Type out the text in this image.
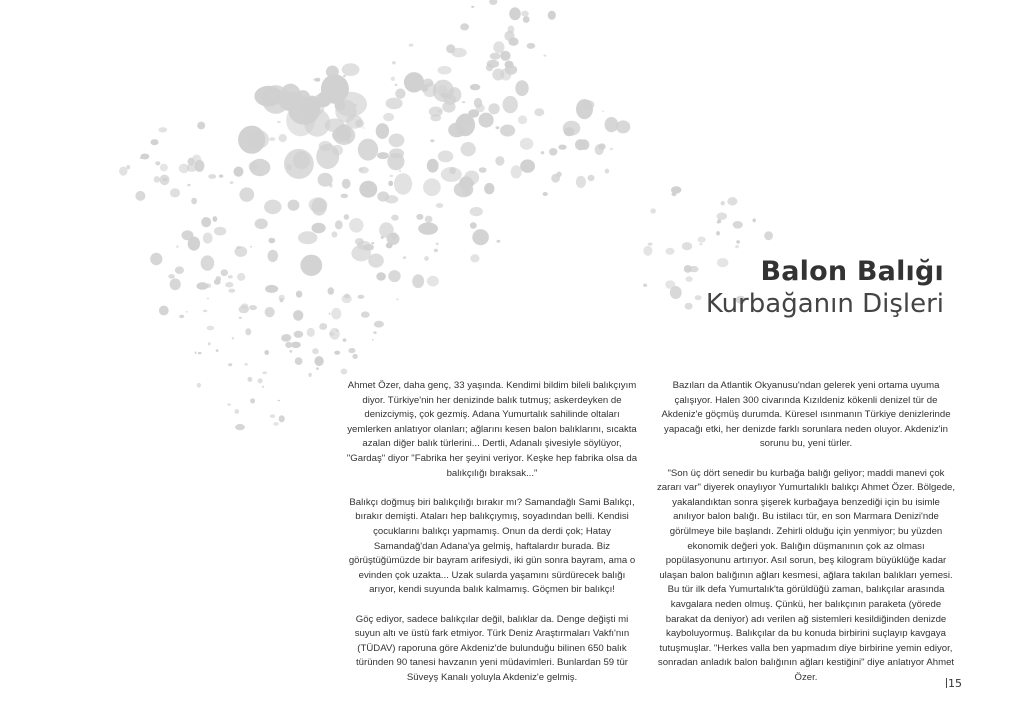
Balon Balığı
Kurbağanın Dişleri

Ahmet Özer, daha genç, 33 yaşında. Kendimi bildim bileli balıkçıyım diyor. Türkiye'nin her denizinde balık tutmuş; askerdeyken de denizciymiş, çok gezmiş. Adana Yumurtalık sahilinde oltaları yemlerken anlatıyor olanları; ağlarını kesen balon balıklarını, sıcakta azalan diğer balık türlerini... Dertli, Adanalı şivesiyle söylüyor, "Gardaş" diyor "Fabrika her şeyini veriyor. Keşke hep fabrika olsa da balıkçılığı bıraksak..."

Balıkçı doğmuş biri balıkçılığı bırakır mı? Samandağlı Sami Balıkçı, bırakır demişti. Ataları hep balıkçıymış, soyadından belli. Kendisi çocuklarını balıkçı yapmamış. Onun da derdi çok; Hatay Samandağ'dan Adana'ya gelmiş, haftalardır burada. Biz görüştüğümüzde bir bayram arifesiydi, iki gün sonra bayram, ama o evinden çok uzakta... Uzak sularda yaşamını sürdürecek balığı arıyor, kendi suyunda balık kalmamış. Göçmen bir balıkçı!

Göç ediyor, sadece balıkçılar değil, balıklar da. Denge değişti mi suyun altı ve üstü fark etmiyor. Türk Deniz Araştırmaları Vakfı'nın (TÜDAV) raporuna göre Akdeniz'de bulunduğu bilinen 650 balık türünden 90 tanesi havzanın yeni müdavimleri. Bunlardan 59 tür Süveyş Kanalı yoluyla Akdeniz'e gelmiş.

Bazıları da Atlantik Okyanusu'ndan gelerek yeni ortama uyuma çalışıyor. Halen 300 civarında Kızıldeniz kökenli denizel tür de Akdeniz'e göçmüş durumda. Küresel ısınmanın Türkiye denizlerinde yapacağı etki, her denizde farklı sorunlara neden oluyor. Akdeniz'in sorunu bu, yeni türler.

"Son üç dört senedir bu kurbağa balığı geliyor; maddi manevi çok zararı var" diyerek onaylıyor Yumurtalıklı balıkçı Ahmet Özer. Bölgede, yakalandıktan sonra şişerek kurbağaya benzediği için bu isimle anılıyor balon balığı. Bu istilacı tür, en son Marmara Denizi'nde görülmeye bile başlandı. Zehirli olduğu için yenmiyor; bu yüzden ekonomik değeri yok. Balığın düşmanının çok az olması popülasyonunu artırıyor. Asıl sorun, beş kilogram büyüklüğe kadar ulaşan balon balığının ağları kesmesi, ağlara takılan balıkları yemesi. Bu tür ilk defa Yumurtalık'ta görüldüğü zaman, balıkçılar arasında kavgalara neden olmuş. Çünkü, her balıkçının paraketa (yörede barakat da deniyor) adı verilen ağ sistemleri kesildiğinden denizde kayboluyormuş. Balıkçılar da bu konuda birbirini suçlayıp kavgaya tutuşmuşlar. "Herkes valla ben yapmadım diye birbirine yemin ediyor, sonradan anladık balon balığının ağları kestiğini" diye anlatıyor Ahmet Özer.	15
